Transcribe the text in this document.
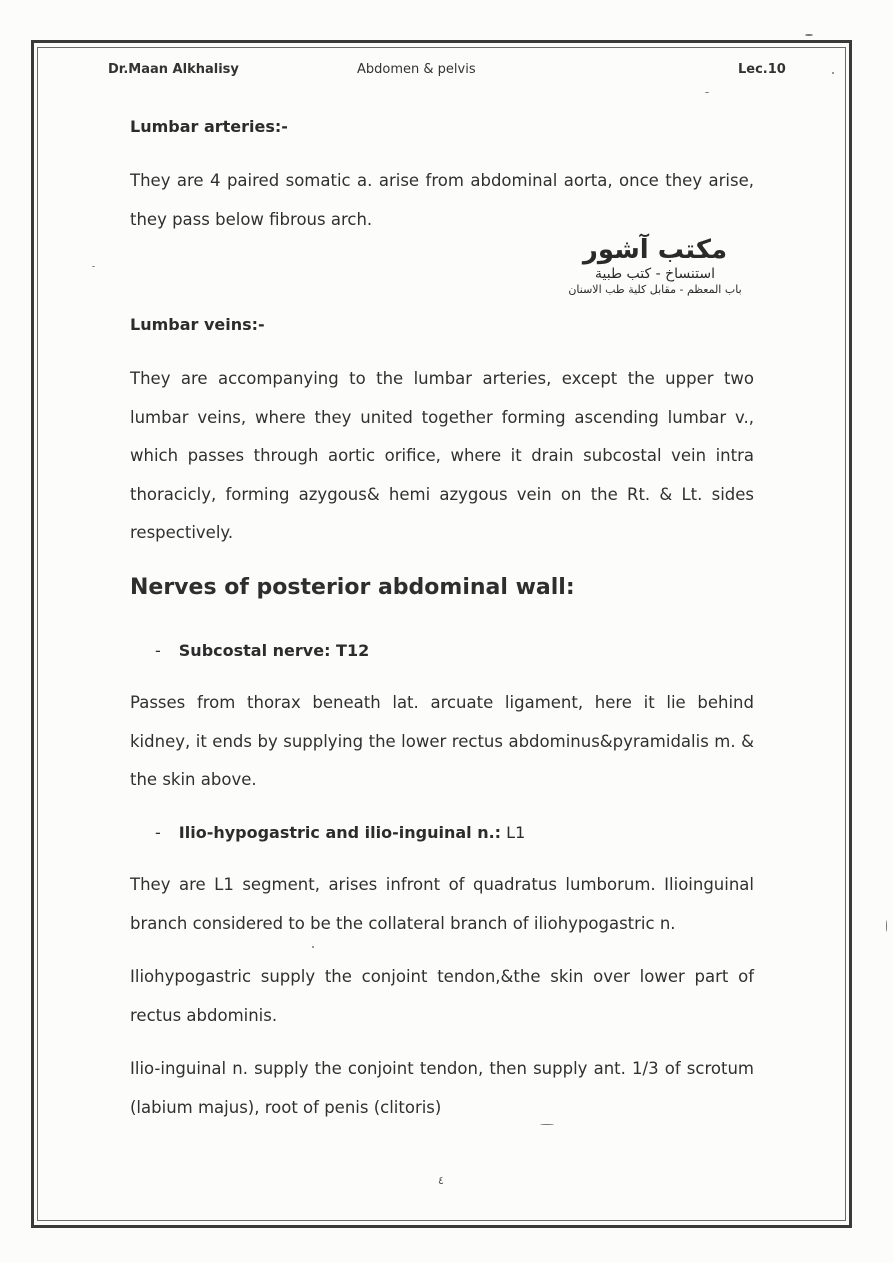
Dr.Maan Alkhalisy	Abdomen & pelvis	Lec.10
Lumbar arteries:-
They are 4 paired somatic a. arise from abdominal aorta, once they arise, they pass below fibrous arch.
مكتب آشور
استنساخ - كتب طبية
باب المعظم - مقابل كلية طب الاسنان
Lumbar veins:-
They are accompanying to the lumbar arteries, except the upper two lumbar veins, where they united together forming ascending lumbar v., which passes through aortic orifice, where it drain subcostal vein intra thoracicly, forming azygous& hemi azygous vein on the Rt. & Lt. sides respectively.
Nerves of posterior abdominal wall:
- Subcostal nerve: T12
Passes from thorax beneath lat. arcuate ligament, here it lie behind kidney, it ends by supplying the lower rectus abdominus&pyramidalis m. & the skin above.
- Ilio-hypogastric and ilio-inguinal n.: L1
They are L1 segment, arises infront of quadratus lumborum. Ilioinguinal branch considered to be the collateral branch of iliohypogastric n.
Iliohypogastric supply the conjoint tendon,&the skin over lower part of rectus abdominis.
Ilio-inguinal n. supply the conjoint tendon, then supply ant. 1/3 of scrotum (labium majus), root of penis (clitoris)
٤
